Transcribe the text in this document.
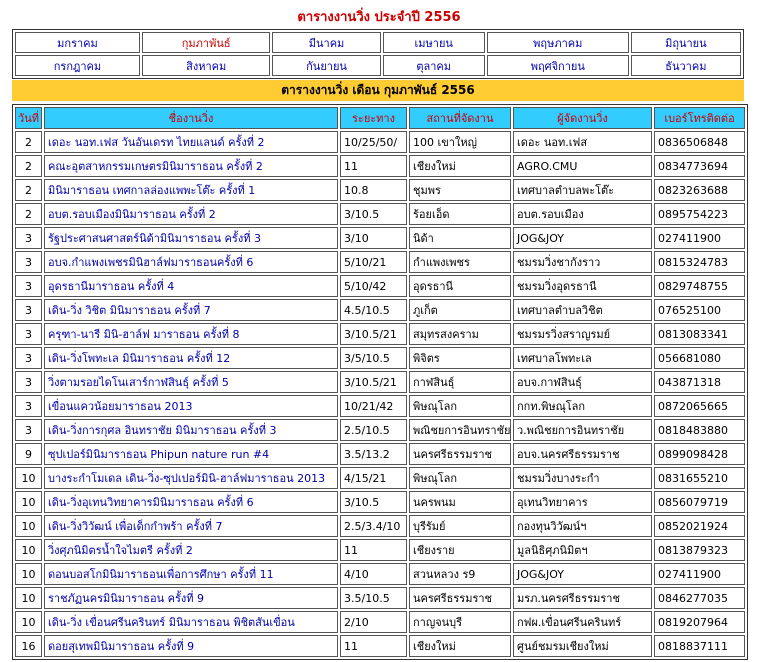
ตารางงานวิ่ง ประจำปี 2556
มกราคม	กุมภาพันธ์	มีนาคม	เมษายน	พฤษภาคม	มิถุนายน
กรกฎาคม	สิงหาคม	กันยายน	ตุลาคม	พฤศจิกายน	ธันวาคม
ตารางงานวิ่ง เดือน กุมภาพันธ์ 2556
วันที่	ชื่องานวิ่ง	ระยะทาง	สถานที่จัดงาน	ผู้จัดงานวิ่ง	เบอร์โทรติดต่อ
2	เดอะ นอท.เฟส วันอันเดรท ไทยแลนด์ ครั้งที่ 2	10/25/50/	100 เขาใหญ่	เดอะ นอท.เฟส	0836506848
2	คณะอุตสาหกรรมเกษตรมินิมาราธอน ครั้งที่ 2	11	เชียงใหม่	AGRO.CMU	0834773694
2	มินิมาราธอน เทศกาลล่องแพพะโต๊ะ ครั้งที่ 1	10.8	ชุมพร	เทศบาลตำบลพะโต๊ะ	0823263688
2	อบต.รอบเมืองมินิมาราธอน ครั้งที่ 2	3/10.5	ร้อยเอ็ด	อบต.รอบเมือง	0895754223
3	รัฐประศาสนศาสตร์นิด้ามินิมาราธอน ครั้งที่ 3	3/10	นิด้า	JOG&JOY	027411900
3	อบจ.กำแพงเพชรมินิฮาล์ฟมาราธอนครั้งที่ 6	5/10/21	กำแพงเพชร	ชมรมวิ่งชากังราว	0815324783
3	อุดรธานีมาราธอน ครั้งที่ 4	5/10/42	อุดรธานี	ชมรมวิ่งอุดรธานี	0829748755
3	เดิน-วิ่ง วิชิต มินิมาราธอน ครั้งที่ 7	4.5/10.5	ภูเก็ต	เทศบาลตำบลวิชิต	076525100
3	ครุฑา-นารี มินิ-ฮาล์ฟ มาราธอน ครั้งที่ 8	3/10.5/21	สมุทรสงคราม	ชมรมรวิ่งสราญรมย์	0813083341
3	เดิน-วิ่งโพทะเล มินิมาราธอน ครั้งที่ 12	3/5/10.5	พิจิตร	เทศบาลโพทะเล	056681080
3	วิ่งตามรอยไดโนเสาร์กาฬสินธุ์ ครั้งที่ 5	3/10.5/21	กาฬสินธุ์	อบจ.กาฬสินธุ์	043871318
3	เขื่อนแควน้อยมาราธอน 2013	10/21/42	พิษณุโลก	กกท.พิษณุโลก	0872065665
3	เดิน-วิ่งการกุศล อินทราชัย มินิมาราธอน ครั้งที่ 3	2.5/10.5	พณิชยการอินทราชัย	ว.พณิชยการอินทราชัย	0818483880
9	ซุปเปอร์มินิมาราธอน Phipun nature run #4	3.5/13.2	นครศรีธรรมราช	อบจ.นครศรีธรรมราช	0899098428
10	บางระกำโมเดล เดิน-วิ่ง-ซุปเปอร์มินิ-ฮาล์ฟมาราธอน 2013	4/15/21	พิษณุโลก	ชมรมวิ่งบางระกำ	0831655210
10	เดิน-วิ่งอุเทนวิทยาคารมินิมาราธอน ครั้งที่ 6	3/10.5	นครพนม	อุเทนวิทยาคาร	0856079719
10	เดิน-วิ่งวิวัฒน์ เพื่อเด็กกำพร้า ครั้งที่ 7	2.5/3.4/10	บุรีรัมย์	กองทุนวิวัฒน์ฯ	0852021924
10	วิ่งศุภนิมิตรน้ำใจไมตรี ครั้งที่ 2	11	เชียงราย	มูลนิธิศุภนิมิตฯ	0813879323
10	ดอนบอสโกมินิมาราธอนเพื่อการศึกษา ครั้งที่ 11	4/10	สวนหลวง ร9	JOG&JOY	027411900
10	ราชภัฏนครมินิมาราธอน ครั้งที่ 9	3.5/10.5	นครศรีธรรมราช	มรภ.นครศรีธรรมราช	0846277035
10	เดิน-วิ่ง เขื่อนศรีนครินทร์ มินิมาราธอน พิชิตสันเขื่อน	2/10	กาญจนบุรี	กฟผ.เขื่อนศรีนครินทร์	0819207964
16	ดอยสุเทพมินิมาราธอน ครั้งที่ 9	11	เชียงใหม่	ศูนย์ชมรมเชียงใหม่	0818837111
